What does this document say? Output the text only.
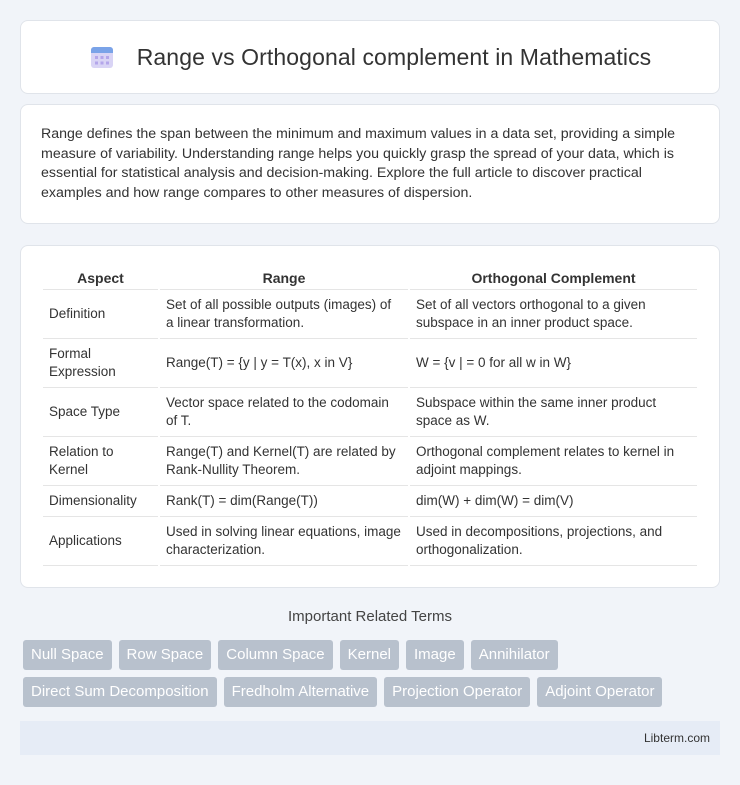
Range vs Orthogonal complement in Mathematics

Range defines the span between the minimum and maximum values in a data set, providing a simple measure of variability. Understanding range helps you quickly grasp the spread of your data, which is essential for statistical analysis and decision-making. Explore the full article to discover practical examples and how range compares to other measures of dispersion.

Aspect	Range	Orthogonal Complement
Definition	Set of all possible outputs (images) of a linear transformation.	Set of all vectors orthogonal to a given subspace in an inner product space.
Formal Expression	Range(T) = {y | y = T(x), x in V}	W = {v | = 0 for all w in W}
Space Type	Vector space related to the codomain of T.	Subspace within the same inner product space as W.
Relation to Kernel	Range(T) and Kernel(T) are related by Rank-Nullity Theorem.	Orthogonal complement relates to kernel in adjoint mappings.
Dimensionality	Rank(T) = dim(Range(T))	dim(W) + dim(W) = dim(V)
Applications	Used in solving linear equations, image characterization.	Used in decompositions, projections, and orthogonalization.
Important Related Terms
Null Space	Row Space	Column Space	Kernel	Image	Annihilator
Direct Sum Decomposition	Fredholm Alternative	Projection Operator	Adjoint Operator
Libterm.com
